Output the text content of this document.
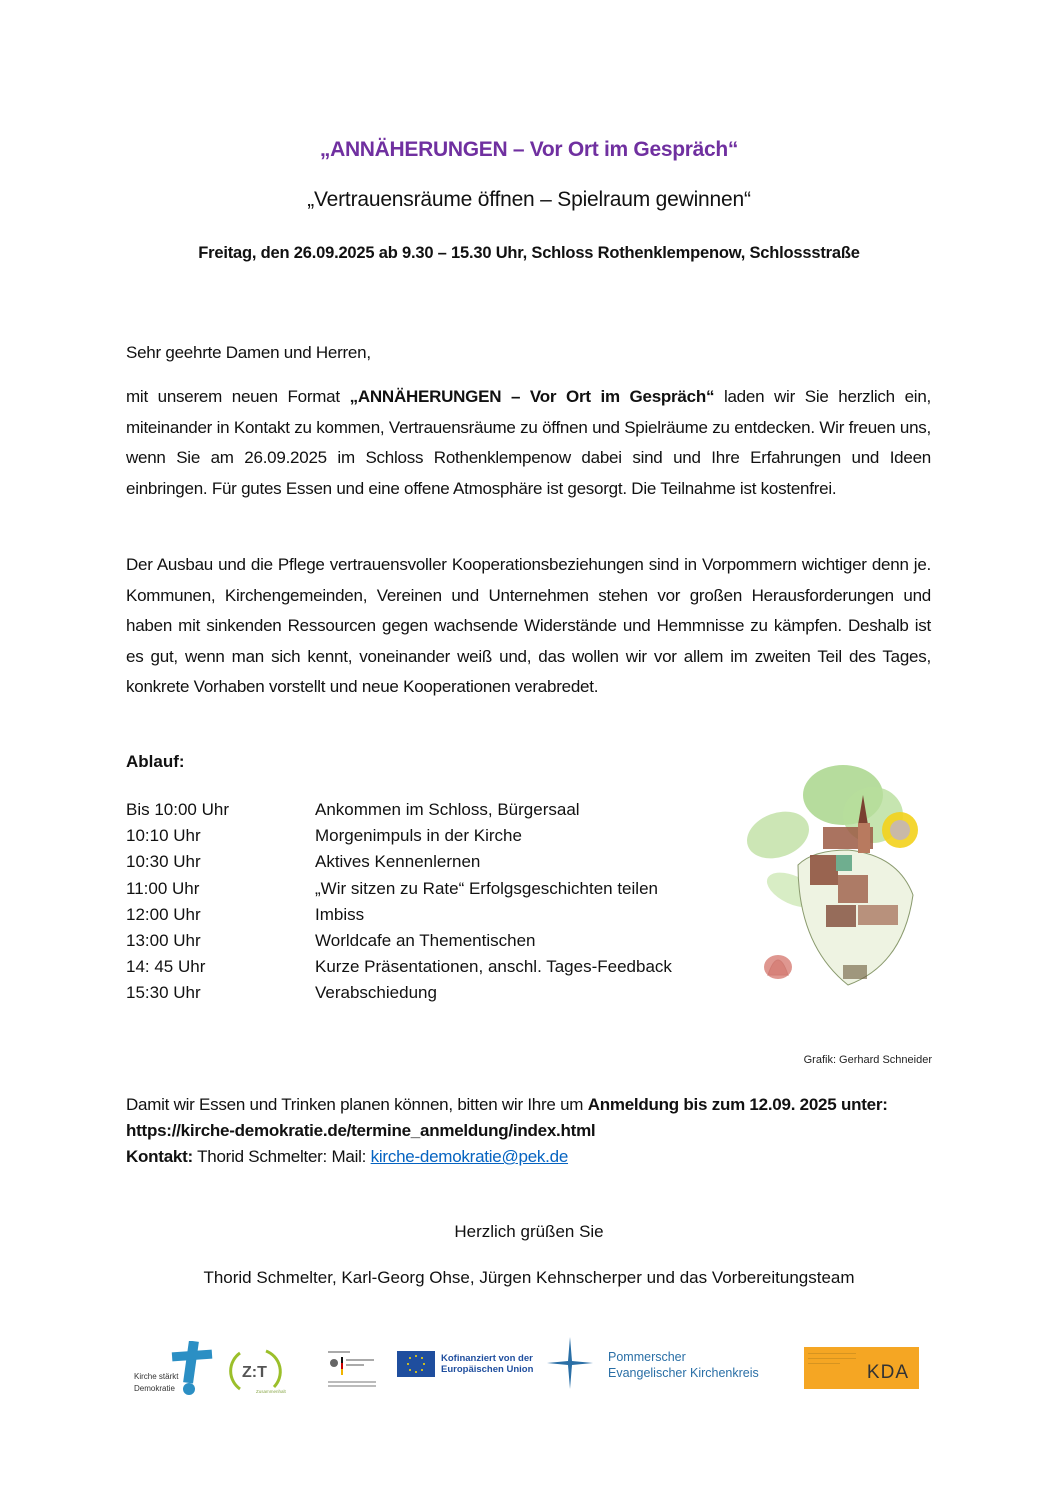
„ANNÄHERUNGEN – Vor Ort im Gespräch“
„Vertrauensräume öffnen – Spielraum gewinnen“
Freitag, den 26.09.2025 ab 9.30 – 15.30 Uhr, Schloss Rothenklempenow, Schlossstraße
Sehr geehrte Damen und Herren,
mit unserem neuen Format „ANNÄHERUNGEN – Vor Ort im Gespräch“ laden wir Sie herzlich ein, miteinander in Kontakt zu kommen, Vertrauensräume zu öffnen und Spielräume zu entdecken. Wir freuen uns, wenn Sie am 26.09.2025 im Schloss Rothenklempenow dabei sind und Ihre Erfahrungen und Ideen einbringen. Für gutes Essen und eine offene Atmosphäre ist gesorgt. Die Teilnahme ist kostenfrei.
Der Ausbau und die Pflege vertrauensvoller Kooperationsbeziehungen sind in Vorpommern wichtiger denn je. Kommunen, Kirchengemeinden, Vereinen und Unternehmen stehen vor großen Herausforderungen und haben mit sinkenden Ressourcen gegen wachsende Widerstände und Hemmnisse zu kämpfen. Deshalb ist es gut, wenn man sich kennt, voneinander weiß und, das wollen wir vor allem im zweiten Teil des Tages, konkrete Vorhaben vorstellt und neue Kooperationen verabredet.
Ablauf:
Bis 10:00 Uhr	Ankommen im Schloss, Bürgersaal
10:10 Uhr	Morgenimpuls in der Kirche
10:30 Uhr	Aktives Kennenlernen
11:00 Uhr	„Wir sitzen zu Rate“ Erfolgsgeschichten teilen
12:00 Uhr	Imbiss
13:00 Uhr	Worldcafe an Thementischen
14: 45 Uhr	Kurze Präsentationen, anschl. Tages-Feedback
15:30 Uhr	Verabschiedung
Grafik: Gerhard Schneider
Damit wir Essen und Trinken planen können, bitten wir Ihre um Anmeldung bis zum 12.09. 2025 unter: https://kirche-demokratie.de/termine_anmeldung/index.html
Kontakt: Thorid Schmelter: Mail: kirche-demokratie@pek.de
Herzlich grüßen Sie
Thorid Schmelter, Karl-Georg Ohse, Jürgen Kehnscherper und das Vorbereitungsteam
Kirche stärkt
Demokratie
Z:T
Zusammenhalt
Kofinanziert von der
Europäischen Union
Pommerscher
Evangelischer Kirchenkreis
————————————
————————————
————————	KDA
